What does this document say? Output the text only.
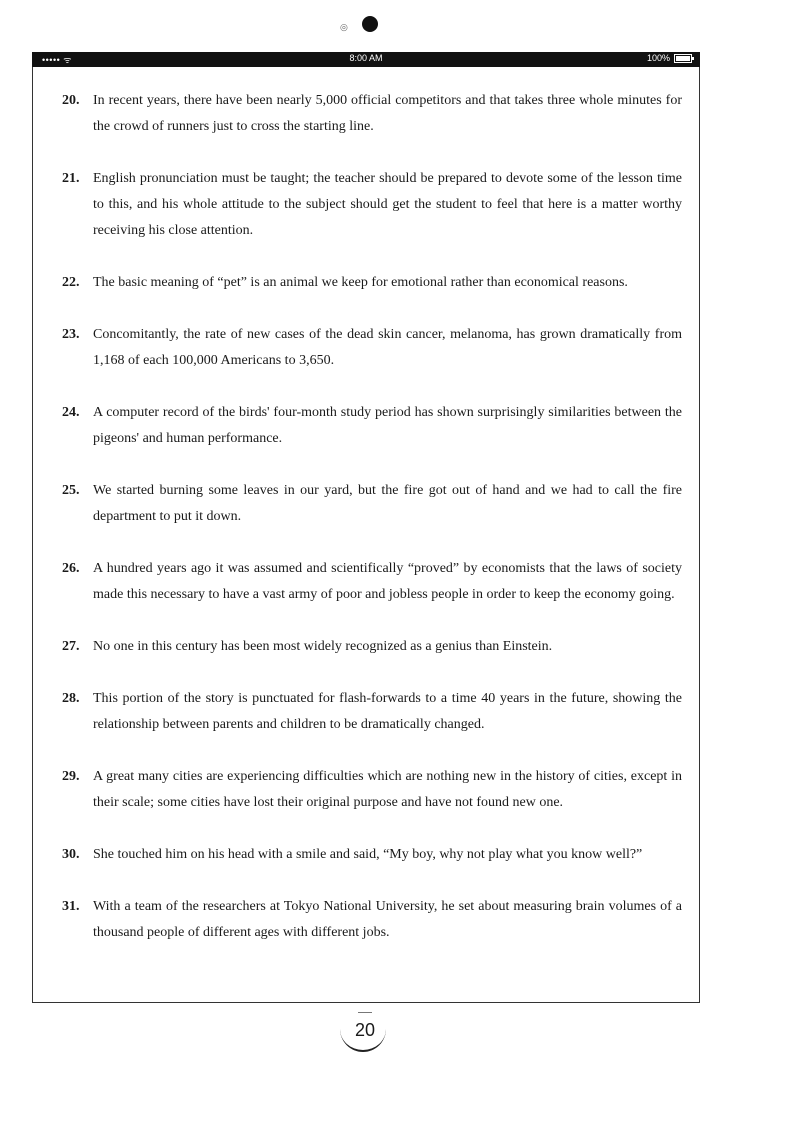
◎
••••• ᯤ	8:00 AM	100%
20. In recent years, there have been nearly 5,000 official competitors and that takes three whole minutes for the crowd of runners just to cross the starting line.
21. English pronunciation must be taught; the teacher should be prepared to devote some of the lesson time to this, and his whole attitude to the subject should get the student to feel that here is a matter worthy receiving his close attention.
22. The basic meaning of “pet” is an animal we keep for emotional rather than economical reasons.
23. Concomitantly, the rate of new cases of the dead skin cancer, melanoma, has grown dramatically from 1,168 of each 100,000 Americans to 3,650.
24. A computer record of the birds' four-month study period has shown surprisingly similarities between the pigeons' and human performance.
25. We started burning some leaves in our yard, but the fire got out of hand and we had to call the fire department to put it down.
26. A hundred years ago it was assumed and scientifically “proved” by economists that the laws of society made this necessary to have a vast army of poor and jobless people in order to keep the economy going.
27. No one in this century has been most widely recognized as a genius than Einstein.
28. This portion of the story is punctuated for flash-forwards to a time 40 years in the future, showing the relationship between parents and children to be dramatically changed.
29. A great many cities are experiencing difficulties which are nothing new in the history of cities, except in their scale; some cities have lost their original purpose and have not found new one.
30. She touched him on his head with a smile and said, “My boy, why not play what you know well?”
31. With a team of the researchers at Tokyo National University, he set about measuring brain volumes of a thousand people of different ages with different jobs.
20
